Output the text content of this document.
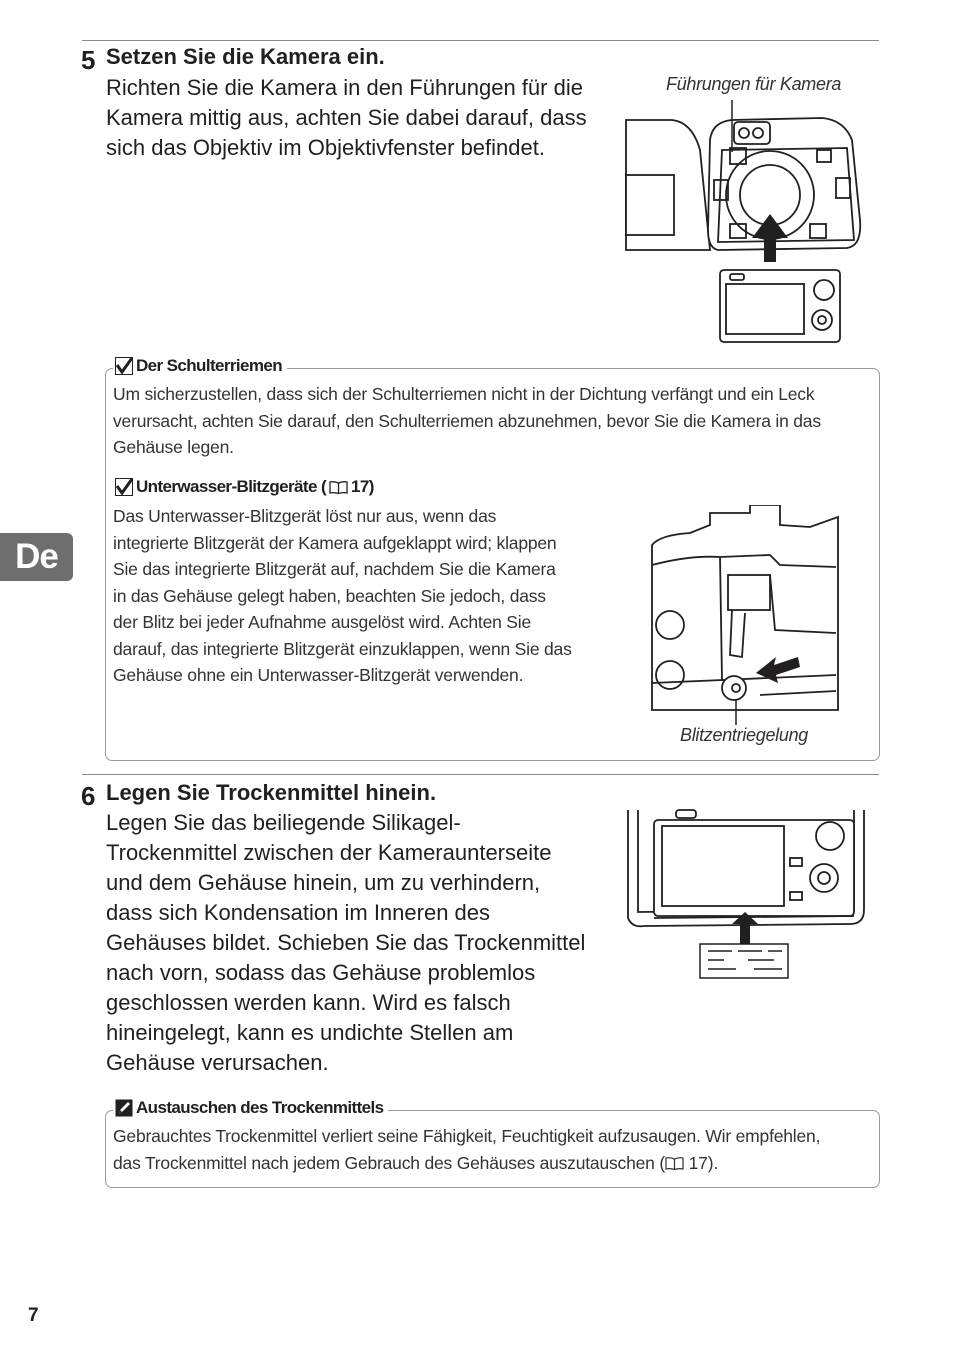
5 Setzen Sie die Kamera ein.
Richten Sie die Kamera in den Führungen für die
Kamera mittig aus, achten Sie dabei darauf, dass
sich das Objektiv im Objektivfenster befindet.
Führungen für Kamera
Der Schulterriemen
Um sicherzustellen, dass sich der Schulterriemen nicht in der Dichtung verfängt und ein Leck
verursacht, achten Sie darauf, den Schulterriemen abzunehmen, bevor Sie die Kamera in das
Gehäuse legen.
Unterwasser-Blitzgeräte ( 17)
Das Unterwasser-Blitzgerät löst nur aus, wenn das
integrierte Blitzgerät der Kamera aufgeklappt wird; klappen
Sie das integrierte Blitzgerät auf, nachdem Sie die Kamera
in das Gehäuse gelegt haben, beachten Sie jedoch, dass
der Blitz bei jeder Aufnahme ausgelöst wird. Achten Sie
darauf, das integrierte Blitzgerät einzuklappen, wenn Sie das
Gehäuse ohne ein Unterwasser-Blitzgerät verwenden.
Blitzentriegelung
De
6 Legen Sie Trockenmittel hinein.
Legen Sie das beiliegende Silikagel-
Trockenmittel zwischen der Kameraunterseite
und dem Gehäuse hinein, um zu verhindern,
dass sich Kondensation im Inneren des
Gehäuses bildet. Schieben Sie das Trockenmittel
nach vorn, sodass das Gehäuse problemlos
geschlossen werden kann. Wird es falsch
hineingelegt, kann es undichte Stellen am
Gehäuse verursachen.
Austauschen des Trockenmittels
Gebrauchtes Trockenmittel verliert seine Fähigkeit, Feuchtigkeit aufzusaugen. Wir empfehlen,
das Trockenmittel nach jedem Gebrauch des Gehäuses auszutauschen ( 17).
7
